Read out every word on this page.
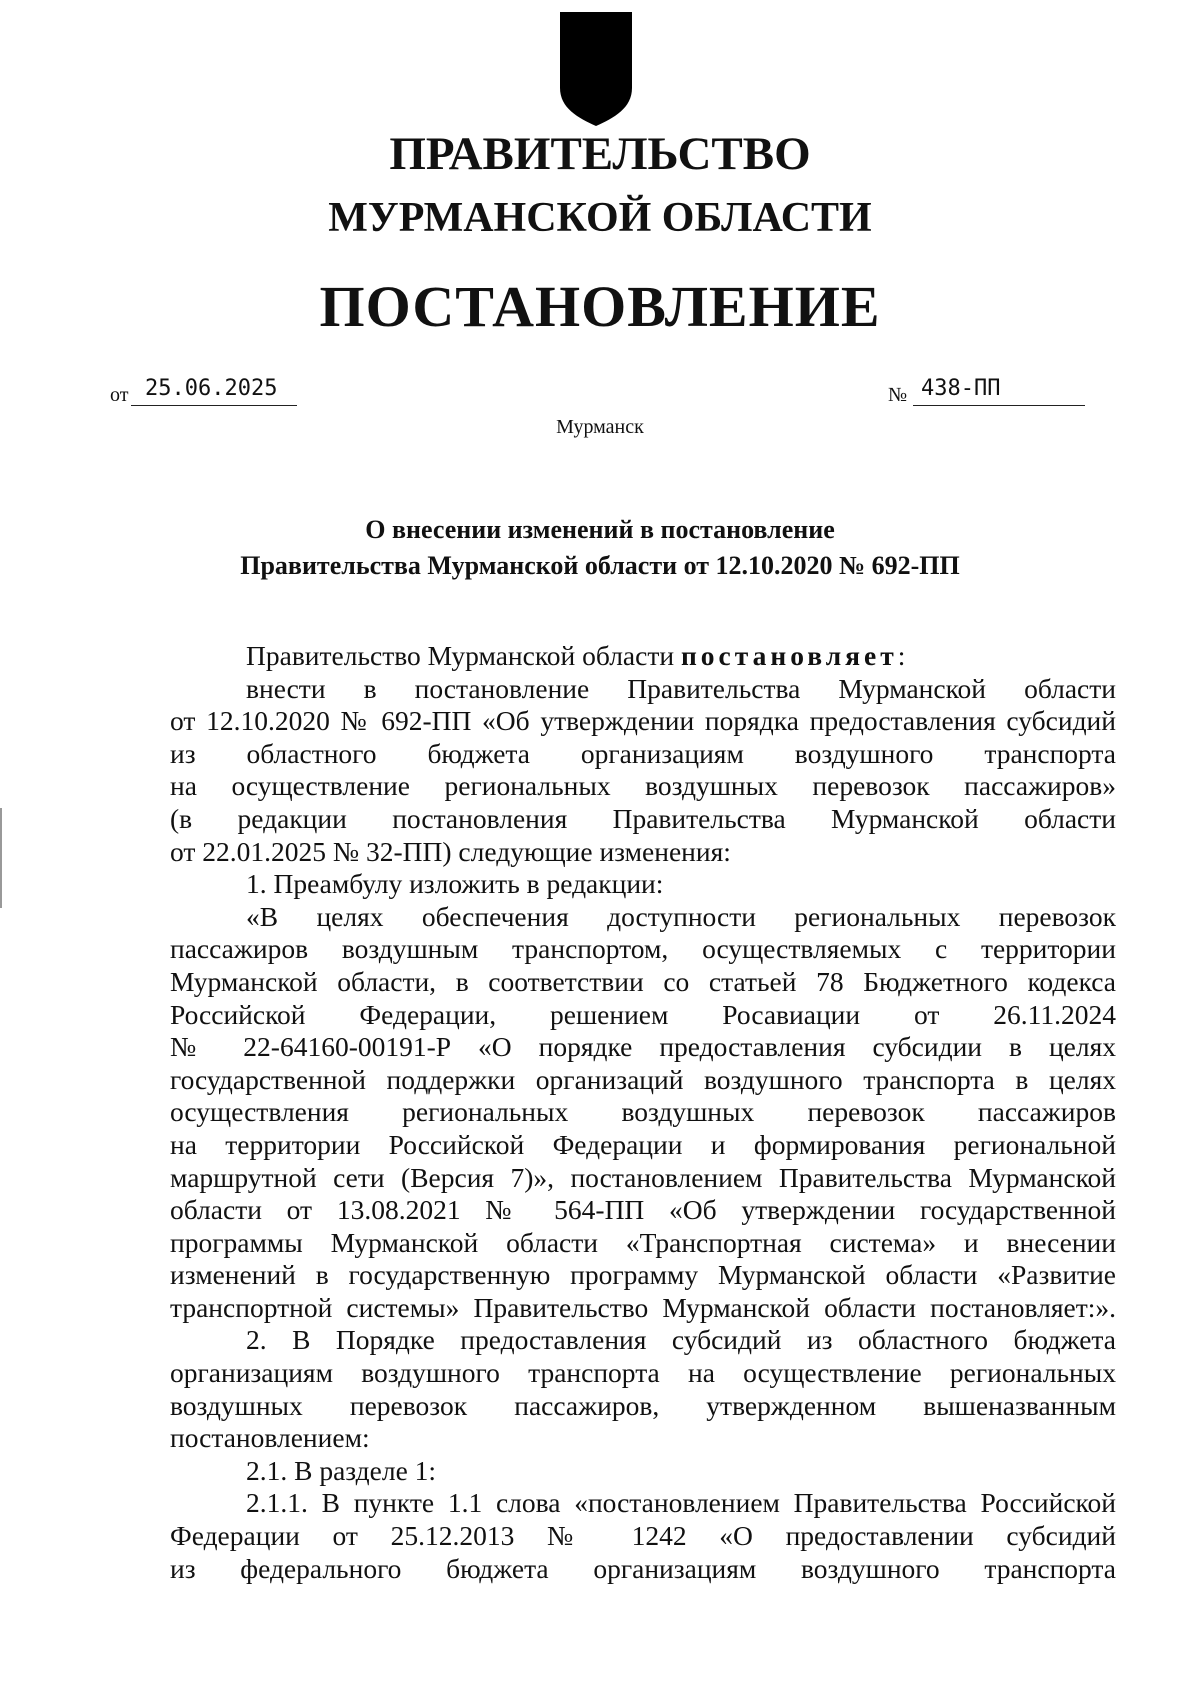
ПРАВИТЕЛЬСТВО
МУРМАНСКОЙ ОБЛАСТИ
ПОСТАНОВЛЕНИЕ
от 25.06.2025	№ 438-ПП
Мурманск
О внесении изменений в постановление
Правительства Мурманской области от 12.10.2020 № 692-ПП
Правительство Мурманской области постановляет:
внести в постановление Правительства Мурманской области
от 12.10.2020 № 692-ПП «Об утверждении порядка предоставления субсидий
из областного бюджета организациям воздушного транспорта
на осуществление региональных воздушных перевозок пассажиров»
(в редакции постановления Правительства Мурманской области
от 22.01.2025 № 32-ПП) следующие изменения:
1. Преамбулу изложить в редакции:
«В целях обеспечения доступности региональных перевозок
пассажиров воздушным транспортом, осуществляемых с территории
Мурманской области, в соответствии со статьей 78 Бюджетного кодекса
Российской Федерации, решением Росавиации от 26.11.2024
№ 22-64160-00191-Р «О порядке предоставления субсидии в целях
государственной поддержки организаций воздушного транспорта в целях
осуществления региональных воздушных перевозок пассажиров
на территории Российской Федерации и формирования региональной
маршрутной сети (Версия 7)», постановлением Правительства Мурманской
области от 13.08.2021 № 564-ПП «Об утверждении государственной
программы Мурманской области «Транспортная система» и внесении
изменений в государственную программу Мурманской области «Развитие
транспортной системы» Правительство Мурманской области постановляет:».
2. В Порядке предоставления субсидий из областного бюджета
организациям воздушного транспорта на осуществление региональных
воздушных перевозок пассажиров, утвержденном вышеназванным
постановлением:
2.1. В разделе 1:
2.1.1. В пункте 1.1 слова «постановлением Правительства Российской
Федерации от 25.12.2013 № 1242 «О предоставлении субсидий
из федерального бюджета организациям воздушного транспорта
